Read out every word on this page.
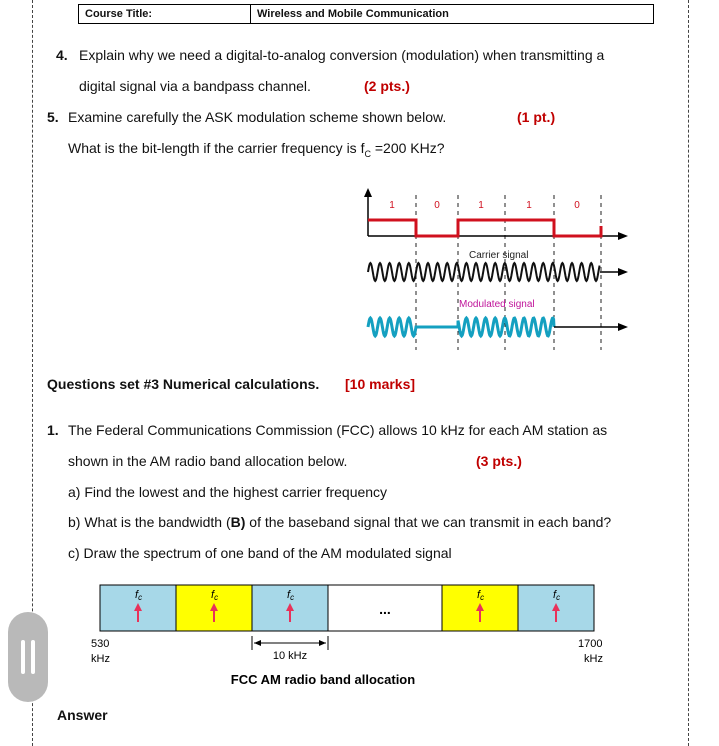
Course Title:	Wireless and Mobile Communication
4. Explain why we need a digital-to-analog conversion (modulation) when transmitting a
digital signal via a bandpass channel.	(2 pts.)
5. Examine carefully the ASK modulation scheme shown below.	(1 pt.)
What is the bit-length if the carrier frequency is $f_C =200$ KHz?
1	0	1	1	0
Carrier signal
Modulated signal
Questions set #3 Numerical calculations. [10 marks]
1. The Federal Communications Commission (FCC) allows 10 kHz for each AM station as
shown in the AM radio band allocation below.	(3 pts.)
a) Find the lowest and the highest carrier frequency
b) What is the bandwidth (B) of the baseband signal that we can transmit in each band?
c) Draw the spectrum of one band of the AM modulated signal
fc	fc	fc
...
fc	fc
10 kHz
530
kHz
1700
kHz
FCC AM radio band allocation
Answer
